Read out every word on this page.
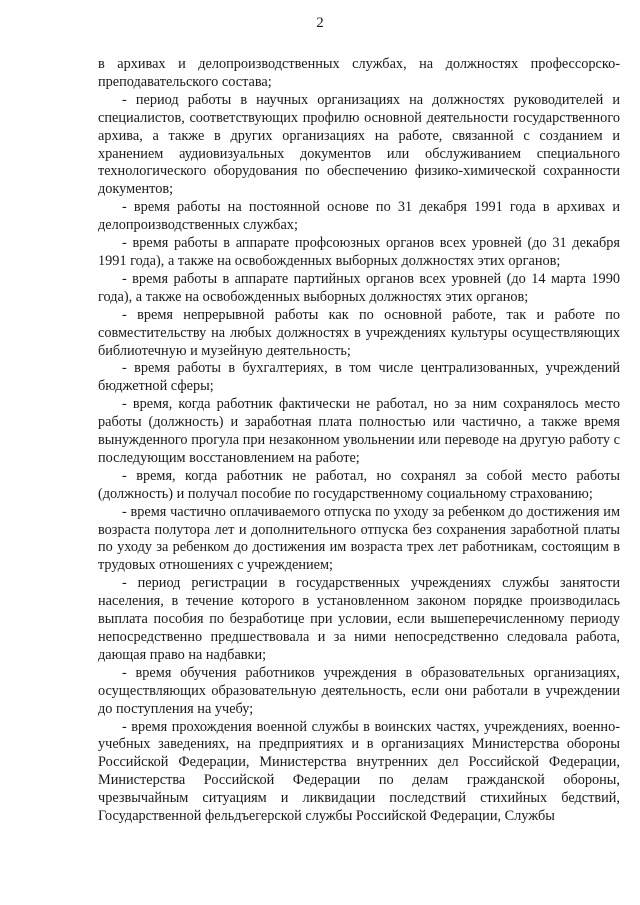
2

в архивах и делопроизводственных службах, на должностях профессорско-преподавательского состава;

- период работы в научных организациях на должностях руководителей и специалистов, соответствующих профилю основной деятельности государственного архива, а также в других организациях на работе, связанной с созданием и хранением аудиовизуальных документов или обслуживанием специального технологического оборудования по обеспечению физико-химической сохранности документов;

- время работы на постоянной основе по 31 декабря 1991 года в архивах и делопроизводственных службах;

- время работы в аппарате профсоюзных органов всех уровней (до 31 декабря 1991 года), а также на освобожденных выборных должностях этих органов;

- время работы в аппарате партийных органов всех уровней (до 14 марта 1990 года), а также на освобожденных выборных должностях этих органов;

- время непрерывной работы как по основной работе, так и работе по совместительству на любых должностях в учреждениях культуры осуществляющих библиотечную и музейную деятельность;

- время работы в бухгалтериях, в том числе централизованных, учреждений бюджетной сферы;

- время, когда работник фактически не работал, но за ним сохранялось место работы (должность) и заработная плата полностью или частично, а также время вынужденного прогула при незаконном увольнении или переводе на другую работу с последующим восстановлением на работе;

- время, когда работник не работал, но сохранял за собой место работы (должность) и получал пособие по государственному социальному страхованию;

- время частично оплачиваемого отпуска по уходу за ребенком до достижения им возраста полутора лет и дополнительного отпуска без сохранения заработной платы по уходу за ребенком до достижения им возраста трех лет работникам, состоящим в трудовых отношениях с учреждением;

- период регистрации в государственных учреждениях службы занятости населения, в течение которого в установленном законом порядке производилась выплата пособия по безработице при условии, если вышеперечисленному периоду непосредственно предшествовала и за ними непосредственно следовала работа, дающая право на надбавки;

- время обучения работников учреждения в образовательных организациях, осуществляющих образовательную деятельность, если они работали в учреждении до поступления на учебу;

- время прохождения военной службы в воинских частях, учреждениях, военно-учебных заведениях, на предприятиях и в организациях Министерства обороны Российской Федерации, Министерства внутренних дел Российской Федерации, Министерства Российской Федерации по делам гражданской обороны, чрезвычайным ситуациям и ликвидации последствий стихийных бедствий, Государственной фельдъегерской службы Российской Федерации, Службы
